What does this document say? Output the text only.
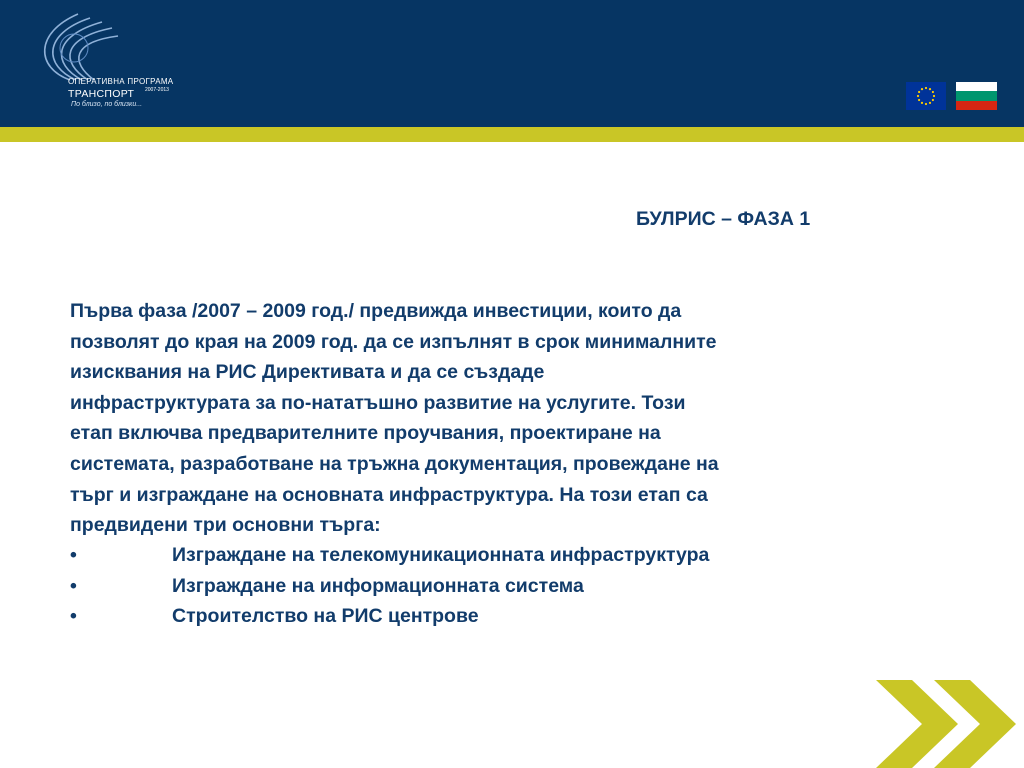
ОПЕРАТИВНА ПРОГРАМА
ТРАНСПОРТ 2007-2013
По близо, по близки...
БУЛРИС – ФАЗА 1

Първа фаза /2007 – 2009 год./ предвижда инвестиции, които да

позволят до края на 2009 год. да се изпълнят в срок минималните

изисквания на РИС Директивата и да се създаде

инфраструктурата за по-нататъшно развитие на услугите. Този

етап включва предварителните проучвания, проектиране на

системата, разработване на тръжна документация, провеждане на

търг и изграждане на основната инфраструктура. На този етап са

предвидени три основни търга:

•	Изграждане на телекомуникационната инфраструктура
•	Изграждане на информационната система
•	Строителство на РИС центрове
